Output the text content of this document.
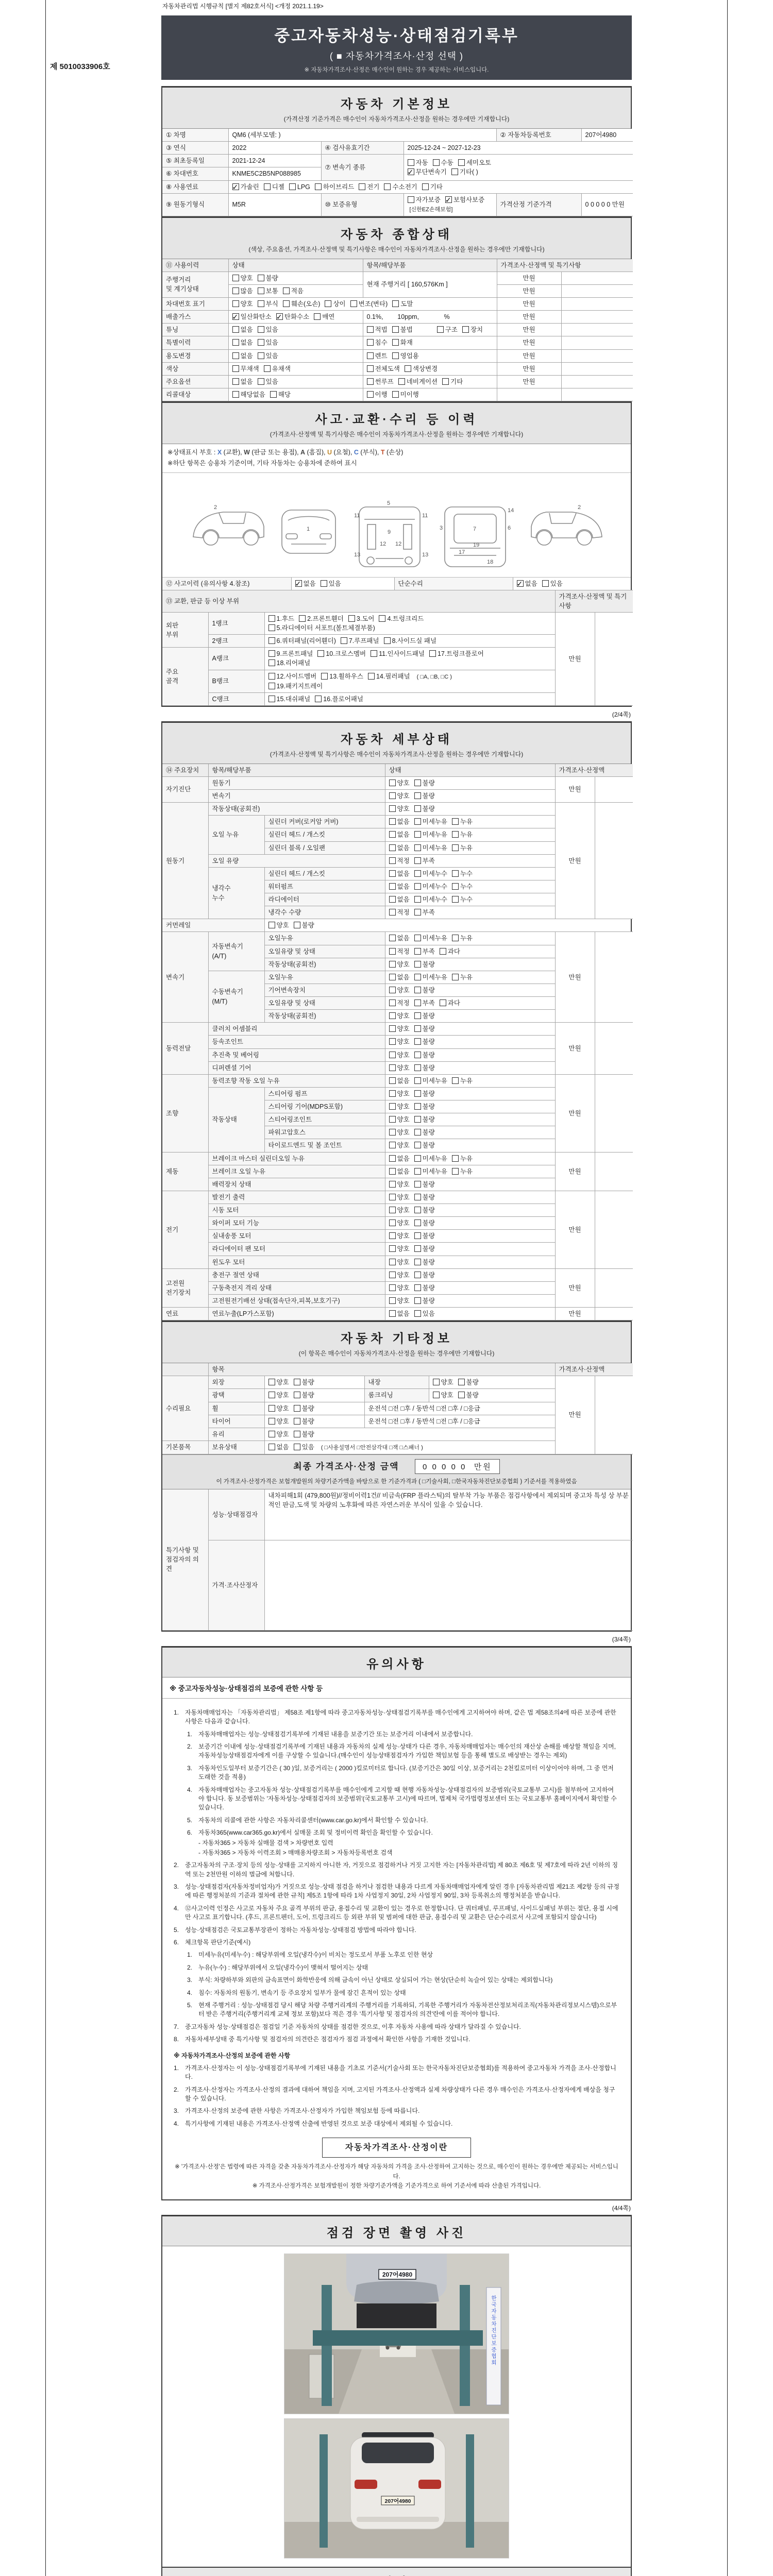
자동차관리법 시행규칙 [별지 제82호서식] <개정 2021.1.19>
중고자동차성능·상태점검기록부
( ■ 자동차가격조사·산정 선택 )
※ 자동차가격조사·산정은 매수인이 원하는 경우 제공하는 서비스입니다.
제 5010033906호
자동차 기본정보
(가격산정 기준가격은 매수인이 자동차가격조사·산정을 원하는 경우에만 기재합니다)
① 차명	QM6 (세부모델: )			② 자동차등록번호	207어4980

③ 연식	2022	④ 검사유효기간	2025-12-24 ~ 2027-12-23		

⑤ 최초등록일	2021-12-24	⑦ 변속기 종류	자동 수동 세미오토
무단변속기 기타( )		

⑥ 차대번호	KNME5C2B5NP088985				

⑧ 사용연료	가솔린 디젤 LPG 하이브리드 전기 수소전기 기타				

⑨ 원동기형식	M5R	⑩ 보증유형	자가보증 보험사보증[신한EZ손해보험]	가격산정 기준가격	0 0 0 0 0 만원
자동차 종합상태
(색상, 주요옵션, 가격조사·산정액 및 특기사항은 매수인이 자동차가격조사·산정을 원하는 경우에만 기재합니다)
⑪ 사용이력	상태	항목/해당부품	가격조사·산정액 및 특기사항	

주행거리
및 계기상태	양호 불량	현재 주행거리 [ 160,576Km ]	만원	

	많음 보통 적음		만원	

차대번호 표기	양호 부식 훼손(오손) 상이 변조(변타) 도말		만원	

배출가스	일산화탄소 탄화수소 매연	0.1%,        10ppm,              %	만원	

튜닝	없음 있음	적법 불법 구조 장치	만원	

특별이력	없음 있음	침수 화재	만원	

용도변경	없음 있음	렌트 영업용	만원	

색상	무채색 유채색	전체도색 색상변경	만원	

주요옵션	없음 있음	썬루프 네비게이션 기타	만원	

리콜대상	해당없음 해당	이행 미이행		

사고·교환·수리 등 이력
(가격조사·산정액 및 특기사항은 매수인이 자동차가격조사·산정을 원하는 경우에만 기재합니다)
※상태표시 부호 : X (교환), W (판금 또는 용접), A (흠집), U (요철), C (부식), T (손상)
※하단 항목은 승용차 기준이며, 기타 자동차는 승용차에 준하여 표시
2
1
5
11	11
9
12 12
13	13
3	7	6
14
19
17
18
2
⑫ 사고이력 (유의사항 4.참조)	없음 있음	단순수리	없음 있음
⑬ 교환, 판금 등 이상 부위			가격조사·산정액 및 특기사항	

외판
부위

1랭크

1.후드 2.프론트휀더 3.도어 4.트렁크리드
5.라디에이터 서포트(볼트체결부품)

만원

	2랭크	6.쿼터패널(리어휀더) 7.루프패널 8.사이드실 패널		

주요
골격

A랭크

9.프론트패널 10.크로스멤버 11.인사이드패널 17.트렁크플로어
18.리어패널

	B랭크	12.사이드멤버 13.휠하우스 14.필러패널 ( □A, □B, □C )
19.패키지트레이		

	C랭크	15.대쉬패널 16.플로어패널		
(2/4쪽)
자동차 세부상태
(가격조사·산정액 및 특기사항은 매수인이 자동차가격조사·산정을 원하는 경우에만 기재합니다)
⑭ 주요장치	항목/해당부품		상태	가격조사·산정액	

자기진단	원동기		양호 불량	만원	

	변속기		양호 불량		

원동기	작동상태(공회전)		양호 불량	만원	

	오일 누유	실린더 커버(로커암 커버)	없음 미세누유 누유		

		실린더 헤드 / 개스킷	없음 미세누유 누유		

		실린더 블록 / 오일팬	없음 미세누유 누유		

	오일 유량		적정 부족		

	냉각수
누수	실린더 헤드 / 개스킷	없음 미세누수 누수		

		워터펌프	없음 미세누수 누수		

		라디에이터	없음 미세누수 누수		

		냉각수 수량	적정 부족		

커먼레일		양호 불량			

변속기	자동변속기
(A/T)	오일누유	없음 미세누유 누유	만원	

		오일유량 및 상태	적정 부족 과다		

		작동상태(공회전)	양호 불량		

	수동변속기
(M/T)	오일누유	없음 미세누유 누유		

		기어변속장치	양호 불량		

		오일유량 및 상태	적정 부족 과다		

		작동상태(공회전)	양호 불량		

동력전달	클러치 어셈블리		양호 불량	만원	

	등속조인트		양호 불량		

	추진축 및 베어링		양호 불량		

	디퍼렌셜 기어		양호 불량		

조향	동력조향 작동 오일 누유		없음 미세누유 누유	만원	

	작동상태	스티어링 펌프	양호 불량		

		스티어링 기어(MDPS포함)	양호 불량		

		스티어링조인트	양호 불량		

		파워고압호스	양호 불량		

		타이로드엔드 및 볼 조인트	양호 불량		

제동	브레이크 마스터 실린더오일 누유		없음 미세누유 누유	만원	

	브레이크 오일 누유		없음 미세누유 누유		

	배력장치 상태		양호 불량		

전기	발전기 출력		양호 불량	만원	

	시동 모터		양호 불량		

	와이퍼 모터 기능		양호 불량		

	실내송풍 모터		양호 불량		

	라디에이터 팬 모터		양호 불량		

	윈도우 모터		양호 불량		

고전원
전기장치	충전구 절연 상태		양호 불량	만원	

	구동축전지 격리 상태		양호 불량		

	고전원전기배선 상태(접속단자,피복,보호기구)		양호 불량		

연료	연료누출(LP가스포함)		없음 있음	만원	

자동차 기타정보
(이 항목은 매수인이 자동차가격조사·산정을 원하는 경우에만 기재합니다)

	항목				가격조사·산정액	

수리필요	외장	양호 불량	내장	양호 불량	만원	

	광택	양호 불량	룸크리닝	양호 불량		

	휠	양호 불량	운전석 □전 □후 / 동반석 □전 □후 / □응급			

	타이어	양호 불량	운전석 □전 □후 / 동반석 □전 □후 / □응급			

	유리	양호 불량				

기본품목	보유상태	없음 있음 ( □사용설명서 □안전삼각대 □잭 □스패너 )				
최종 가격조사·산정 금액	0 0 0 0 0 만원
이 가격조사·산정가격은 보험개발원의 차량기준가액을 바탕으로 한 기준가격과 ( □기술사회, □한국자동차진단보증협회 ) 기준서를 적용하였음
특기사항 및
점검자의 의견	성능·상태점검자	내차피해1회 (479,800원)//정비이력1건// 비금속(FRP 플라스틱)의 탈부착 가능 부품은 점검사항에서 제외되며 중고차 특성 상 부분적인 판금,도색 및 차량의 노후화에 따른 자연스러운 부식이 있을 수 있습니다.

	가격·조사산정자	

(3/4쪽)
유의사항
※ 중고자동차성능·상태점검의 보증에 관한 사항 등
1. 자동차매매업자는 「자동차관리법」 제58조 제1항에 따라 중고자동차성능·상태점검기록부를 매수인에게 고지하여야 하며, 같은 법 제58조의4에 따른 보증에 관한 사항은 다음과 같습니다.
1. 자동차매매업자는 성능·상태점검기록부에 기재된 내용을 보증기간 또는 보증거리 이내에서 보증합니다.
2. 보증기간 이내에 성능·상태점검기록부에 기재된 내용과 자동차의 실제 성능·상태가 다른 경우, 자동차매매업자는 매수인의 재산상 손해를 배상할 책임을 지며, 자동차성능상태점검자에게 이를 구상할 수 있습니다.(매수인이 성능상태점검자가 가입한 책임보험 등을 통해 별도로 배상받는 경우는 제외)
3. 자동차인도일부터 보증기간은 ( 30 )일, 보증거리는 ( 2000 )킬로미터로 합니다. (보증기간은 30일 이상, 보증거리는 2천킬로미터 이상이어야 하며, 그 중 먼저 도래한 것을 적용)
4. 자동차매매업자는 중고자동차 성능·상태점검기록부를 매수인에게 고지할 때 현행 자동차성능·상태점검자의 보증범위(국토교통부 고시)를 첨부하여 고지하여야 합니다. 동 보증범위는 '자동차성능·상태점검자의 보증범위'(국토교통부 고시)에 따르며, 법제처 국가법령정보센터 또는 국토교통부 홈페이지에서 확인할 수 있습니다.
5. 자동차의 리콜에 관한 사항은 자동차리콜센터(www.car.go.kr)에서 확인할 수 있습니다.
6. 자동차365(www.car365.go.kr)에서 실매물 조회 및 정비이력 확인을 확인할 수 있습니다.
- 자동차365 > 자동차 실매물 검색 > 차량번호 입력
- 자동차365 > 자동차 이력조회 > 매매용차량조회 > 자동차등록번호 검색
2. 중고자동차의 구조·장치 등의 성능·상태를 고지하지 아니한 자, 거짓으로 점검하거나 거짓 고지한 자는 [자동차관리법] 제 80조 제6호 및 제7호에 따라 2년 이하의 징역 또는 2천만원 이하의 벌금에 처합니다.
3. 성능·상태점검자(자동차정비업자)가 거짓으로 성능·상태 점검을 하거나 점검한 내용과 다르게 자동차매매업자에게 알린 경우 [자동차관리법 제21조 제2항 등의 규정에 따른 행정처분의 기준과 절차에 관한 규칙] 제5조 1항에 따라 1차 사업정지 30일, 2차 사업정지 90일, 3차 등록취소의 행정처분을 받습니다.
4. ⑫사고이력 인정은 사고로 자동차 주요 골격 부위의 판금, 용접수리 및 교환이 있는 경우로 한정합니다. 단 쿼터패널, 루프패널, 사이드실패널 부위는 절단, 용접 시에만 사고로 표기합니다. (후드, 프론트펜더, 도어, 트렁크리드 등 외판 부위 및 범퍼에 대한 판금, 용접수리 및 교환은 단순수리로서 사고에 포함되지 않습니다)
5. 성능·상태점검은 국토교통부장관이 정하는 자동차성능·상태점검 방법에 따라야 합니다.
6. 체크항목 판단기준(예시)
1. 미세누유(미세누수) : 해당부위에 오일(냉각수)이 비치는 정도로서 부품 노후로 인한 현상
2. 누유(누수) : 해당부위에서 오일(냉각수)이 맺혀서 떨어지는 상태
3. 부식: 차량하부와 외판의 금속표면이 화학반응에 의해 금속이 아닌 상태로 상실되어 가는 현상(단순히 녹슬어 있는 상태는 제외합니다)
4. 침수: 자동차의 원동기, 변속기 등 주요장치 일부가 물에 잠긴 흔적이 있는 상태
5. 현재 주행거리 : 성능·상태점검 당시 해당 차량 주행거리계의 주행거리를 기록하되, 기록한 주행거리가 자동차전산정보처리조직(자동차관리정보시스템)으로부터 받은 주행거리(주행거리계 교체 정보 포함)보다 적은 경우 '특기사항 및 점검자의 의견'란에 이를 적어야 합니다.
7. 중고자동차 성능·상태점검은 점검일 기준 자동차의 상태를 점검한 것으로, 이후 자동차 사용에 따라 상태가 달라질 수 있습니다.
8. 자동차세부상태 중 특기사항 및 점검자의 의견란은 점검자가 점검 과정에서 확인한 사항을 기재한 것입니다.
※ 자동차가격조사·산정의 보증에 관한 사항
1. 가격조사·산정자는 이 성능·상태점검기록부에 기재된 내용을 기초로 기준서(기술사회 또는 한국자동차진단보증협회)를 적용하여 중고자동차 가격을 조사·산정합니다.
2. 가격조사·산정자는 가격조사·산정의 결과에 대하여 책임을 지며, 고지된 가격조사·산정액과 실제 차량상태가 다른 경우 매수인은 가격조사·산정자에게 배상을 청구할 수 있습니다.
3. 가격조사·산정의 보증에 관한 사항은 가격조사·산정자가 가입한 책임보험 등에 따릅니다.
4. 특기사항에 기재된 내용은 가격조사·산정액 산출에 반영된 것으로 보증 대상에서 제외될 수 있습니다.
자동차가격조사·산정이란
※ '가격조사·산정'은 법령에 따른 자격을 갖춘 자동차가격조사·산정자가 해당 자동차의 가격을 조사·산정하여 고지하는 것으로, 매수인이 원하는 경우에만 제공되는 서비스입니다.
※ 가격조사·산정가격은 보험개발원이 정한 차량기준가액을 기준가격으로 하여 기준서에 따라 산출된 가격입니다.
(4/4쪽)
점검 장면 촬영 사진
207어4980
한국자동차진단보증협회
207어4980
